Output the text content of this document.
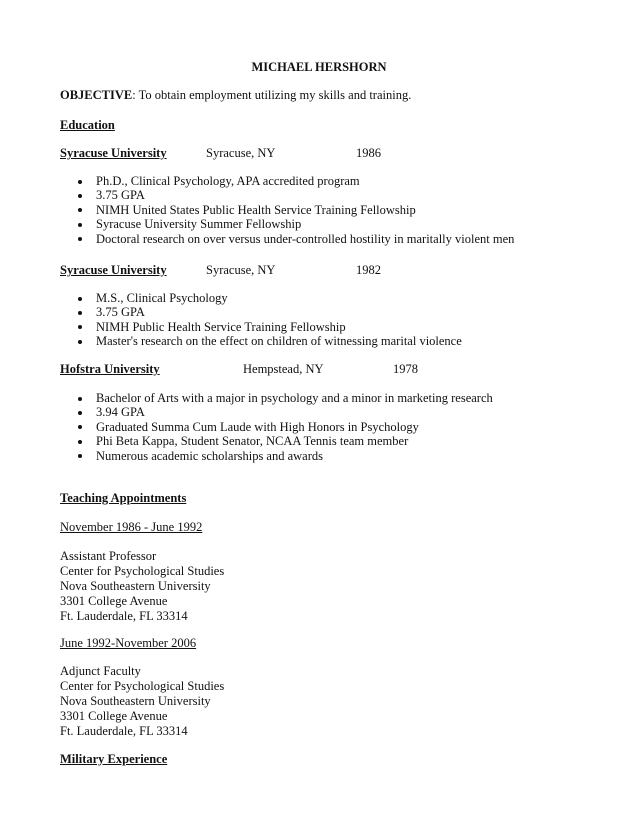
MICHAEL HERSHORN
OBJECTIVE: To obtain employment utilizing my skills and training.
Education
Syracuse University	Syracuse, NY	1986
Ph.D., Clinical Psychology, APA accredited program
3.75 GPA
NIMH United States Public Health Service Training Fellowship
Syracuse University Summer Fellowship
Doctoral research on over versus under-controlled hostility in maritally violent men
Syracuse University	Syracuse, NY	1982
M.S., Clinical Psychology
3.75 GPA
NIMH Public Health Service Training Fellowship
Master's research on the effect on children of witnessing marital violence
Hofstra University	Hempstead, NY	1978
Bachelor of Arts with a major in psychology and a minor in marketing research
3.94 GPA
Graduated Summa Cum Laude with High Honors in Psychology
Phi Beta Kappa, Student Senator, NCAA Tennis team member
Numerous academic scholarships and awards
Teaching Appointments
November 1986 - June 1992
Assistant Professor
Center for Psychological Studies
Nova Southeastern University
3301 College Avenue
Ft. Lauderdale, FL 33314
June 1992-November 2006
Adjunct Faculty
Center for Psychological Studies
Nova Southeastern University
3301 College Avenue
Ft. Lauderdale, FL 33314
Military Experience
